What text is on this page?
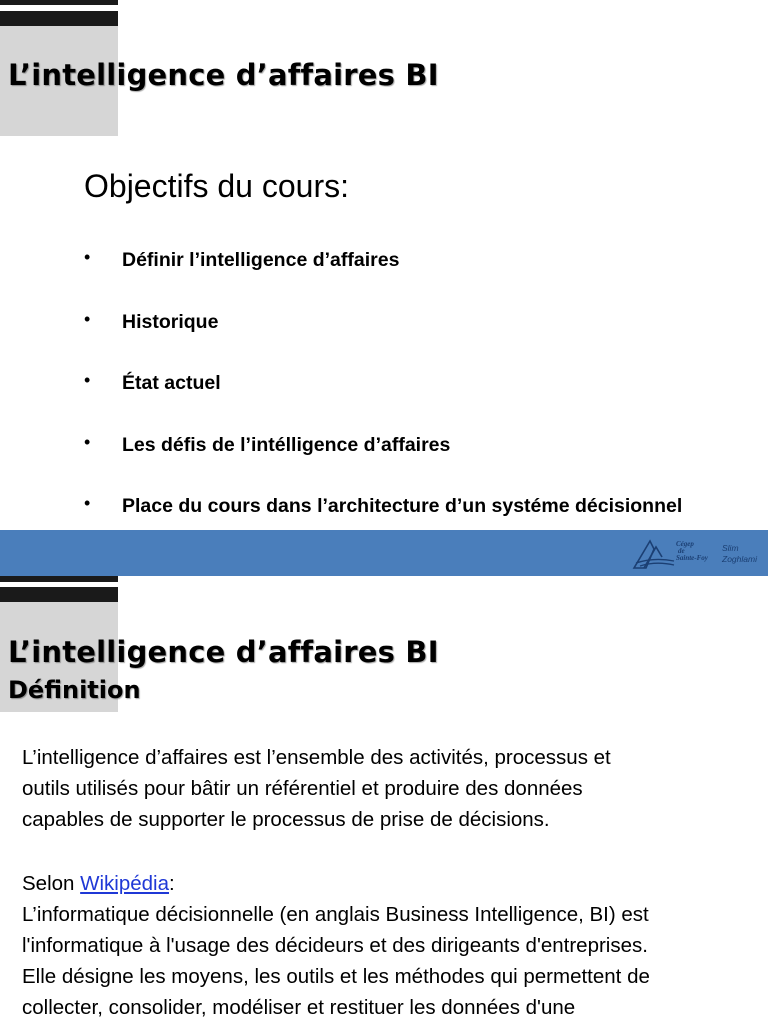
L’intelligence d’affaires BI
Objectifs du cours:
• Définir l’intelligence d’affaires
• Historique
• État actuel
• Les défis de l’intélligence d’affaires
• Place du cours dans l’architecture d’un systéme décisionnel
Cégep
de
Sainte-Foy
Slim
Zoghlami
L’intelligence d’affaires BI
Définition

L’intelligence d’affaires est l’ensemble des activités, processus et
outils utilisés pour bâtir un référentiel et produire des données
capables de supporter le processus de prise de décisions.

Selon Wikipédia:
L’informatique décisionnelle (en anglais Business Intelligence, BI) est
l'informatique à l'usage des décideurs et des dirigeants d'entreprises.
Elle désigne les moyens, les outils et les méthodes qui permettent de
collecter, consolider, modéliser et restituer les données d'une
